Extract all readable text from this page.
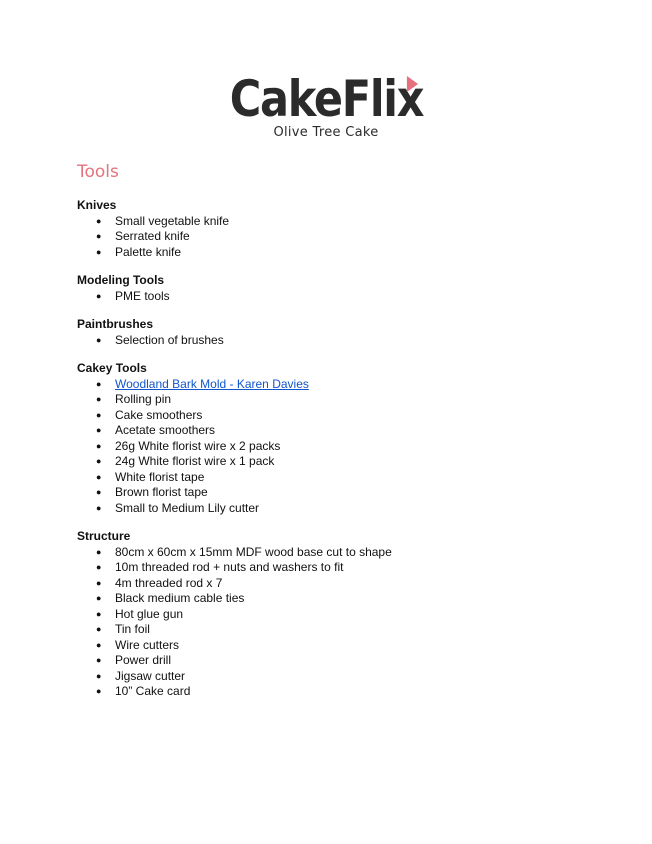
CakeFlix
Olive Tree Cake
Tools
Knives
● Small vegetable knife
● Serrated knife
● Palette knife
Modeling Tools
● PME tools
Paintbrushes
● Selection of brushes
Cakey Tools
● Woodland Bark Mold - Karen Davies
● Rolling pin
● Cake smoothers
● Acetate smoothers
● 26g White florist wire x 2 packs
● 24g White florist wire x 1 pack
● White florist tape
● Brown florist tape
● Small to Medium Lily cutter
Structure
● 80cm x 60cm x 15mm MDF wood base cut to shape
● 10m threaded rod + nuts and washers to fit
● 4m threaded rod x 7
● Black medium cable ties
● Hot glue gun
● Tin foil
● Wire cutters
● Power drill
● Jigsaw cutter
● 10” Cake card
